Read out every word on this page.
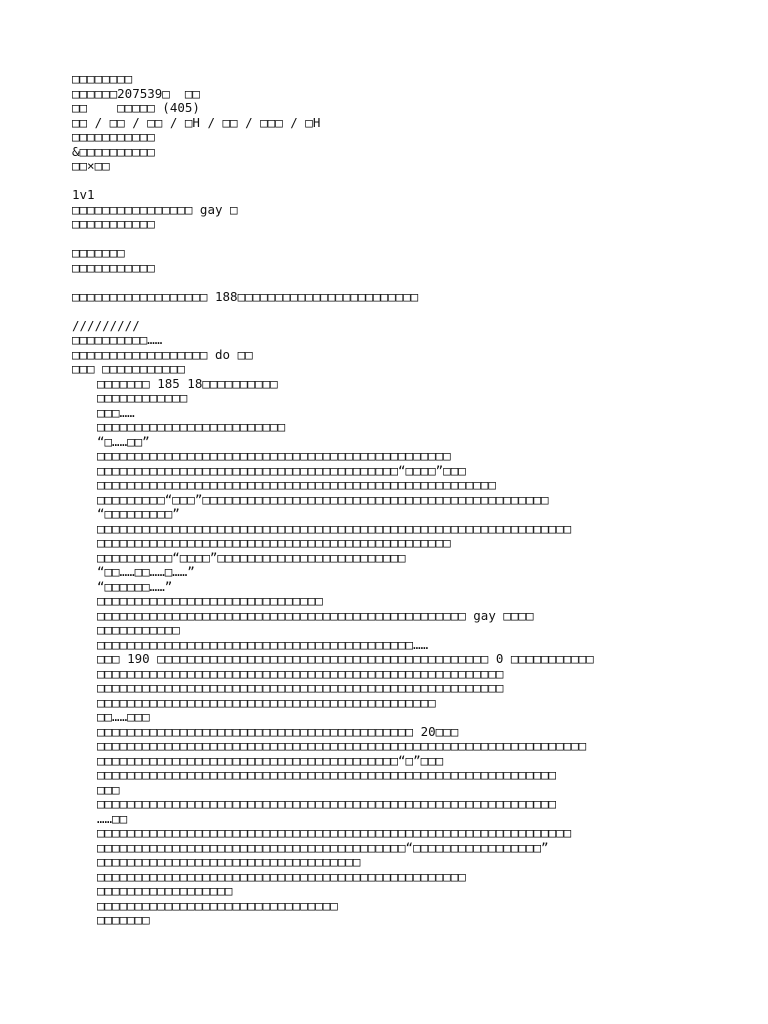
□□□□□□□□
□□□□□□207539□  □□
□□    □□□□□ (405)
□□ / □□ / □□ / □H / □□ / □□□ / □H
□□□□□□□□□□□
&□□□□□□□□□□
□□×□□
1v1
□□□□□□□□□□□□□□□□ gay □
□□□□□□□□□□□
□□□□□□□
□□□□□□□□□□□
□□□□□□□□□□□□□□□□□□ 188□□□□□□□□□□□□□□□□□□□□□□□□
/////////
□□□□□□□□□□……
□□□□□□□□□□□□□□□□□□ do □□
□□□ □□□□□□□□□□□
□□□□□□□ 185 18□□□□□□□□□□
□□□□□□□□□□□□
□□□……
□□□□□□□□□□□□□□□□□□□□□□□□□
“□……□□”
□□□□□□□□□□□□□□□□□□□□□□□□□□□□□□□□□□□□□□□□□□□□□□□
□□□□□□□□□□□□□□□□□□□□□□□□□□□□□□□□□□□□□□□□“□□□□”□□□
□□□□□□□□□□□□□□□□□□□□□□□□□□□□□□□□□□□□□□□□□□□□□□□□□□□□□
□□□□□□□□□“□□□”□□□□□□□□□□□□□□□□□□□□□□□□□□□□□□□□□□□□□□□□□□□□□□
“□□□□□□□□□”
□□□□□□□□□□□□□□□□□□□□□□□□□□□□□□□□□□□□□□□□□□□□□□□□□□□□□□□□□□□□□□□
□□□□□□□□□□□□□□□□□□□□□□□□□□□□□□□□□□□□□□□□□□□□□□□
□□□□□□□□□□“□□□□”□□□□□□□□□□□□□□□□□□□□□□□□□
“□□……□□……□……”
“□□□□□□……”
□□□□□□□□□□□□□□□□□□□□□□□□□□□□□□
□□□□□□□□□□□□□□□□□□□□□□□□□□□□□□□□□□□□□□□□□□□□□□□□□ gay □□□□
□□□□□□□□□□□
□□□□□□□□□□□□□□□□□□□□□□□□□□□□□□□□□□□□□□□□□□……
□□□ 190 □□□□□□□□□□□□□□□□□□□□□□□□□□□□□□□□□□□□□□□□□□□□ 0 □□□□□□□□□□□
□□□□□□□□□□□□□□□□□□□□□□□□□□□□□□□□□□□□□□□□□□□□□□□□□□□□□□
□□□□□□□□□□□□□□□□□□□□□□□□□□□□□□□□□□□□□□□□□□□□□□□□□□□□□□
□□□□□□□□□□□□□□□□□□□□□□□□□□□□□□□□□□□□□□□□□□□□□
□□……□□□
□□□□□□□□□□□□□□□□□□□□□□□□□□□□□□□□□□□□□□□□□□ 20□□□
□□□□□□□□□□□□□□□□□□□□□□□□□□□□□□□□□□□□□□□□□□□□□□□□□□□□□□□□□□□□□□□□□
□□□□□□□□□□□□□□□□□□□□□□□□□□□□□□□□□□□□□□□□“□”□□□
□□□□□□□□□□□□□□□□□□□□□□□□□□□□□□□□□□□□□□□□□□□□□□□□□□□□□□□□□□□□□
□□□
□□□□□□□□□□□□□□□□□□□□□□□□□□□□□□□□□□□□□□□□□□□□□□□□□□□□□□□□□□□□□
……□□
□□□□□□□□□□□□□□□□□□□□□□□□□□□□□□□□□□□□□□□□□□□□□□□□□□□□□□□□□□□□□□□
□□□□□□□□□□□□□□□□□□□□□□□□□□□□□□□□□□□□□□□□□“□□□□□□□□□□□□□□□□□”
□□□□□□□□□□□□□□□□□□□□□□□□□□□□□□□□□□□
□□□□□□□□□□□□□□□□□□□□□□□□□□□□□□□□□□□□□□□□□□□□□□□□□
□□□□□□□□□□□□□□□□□□
□□□□□□□□□□□□□□□□□□□□□□□□□□□□□□□□
□□□□□□□
